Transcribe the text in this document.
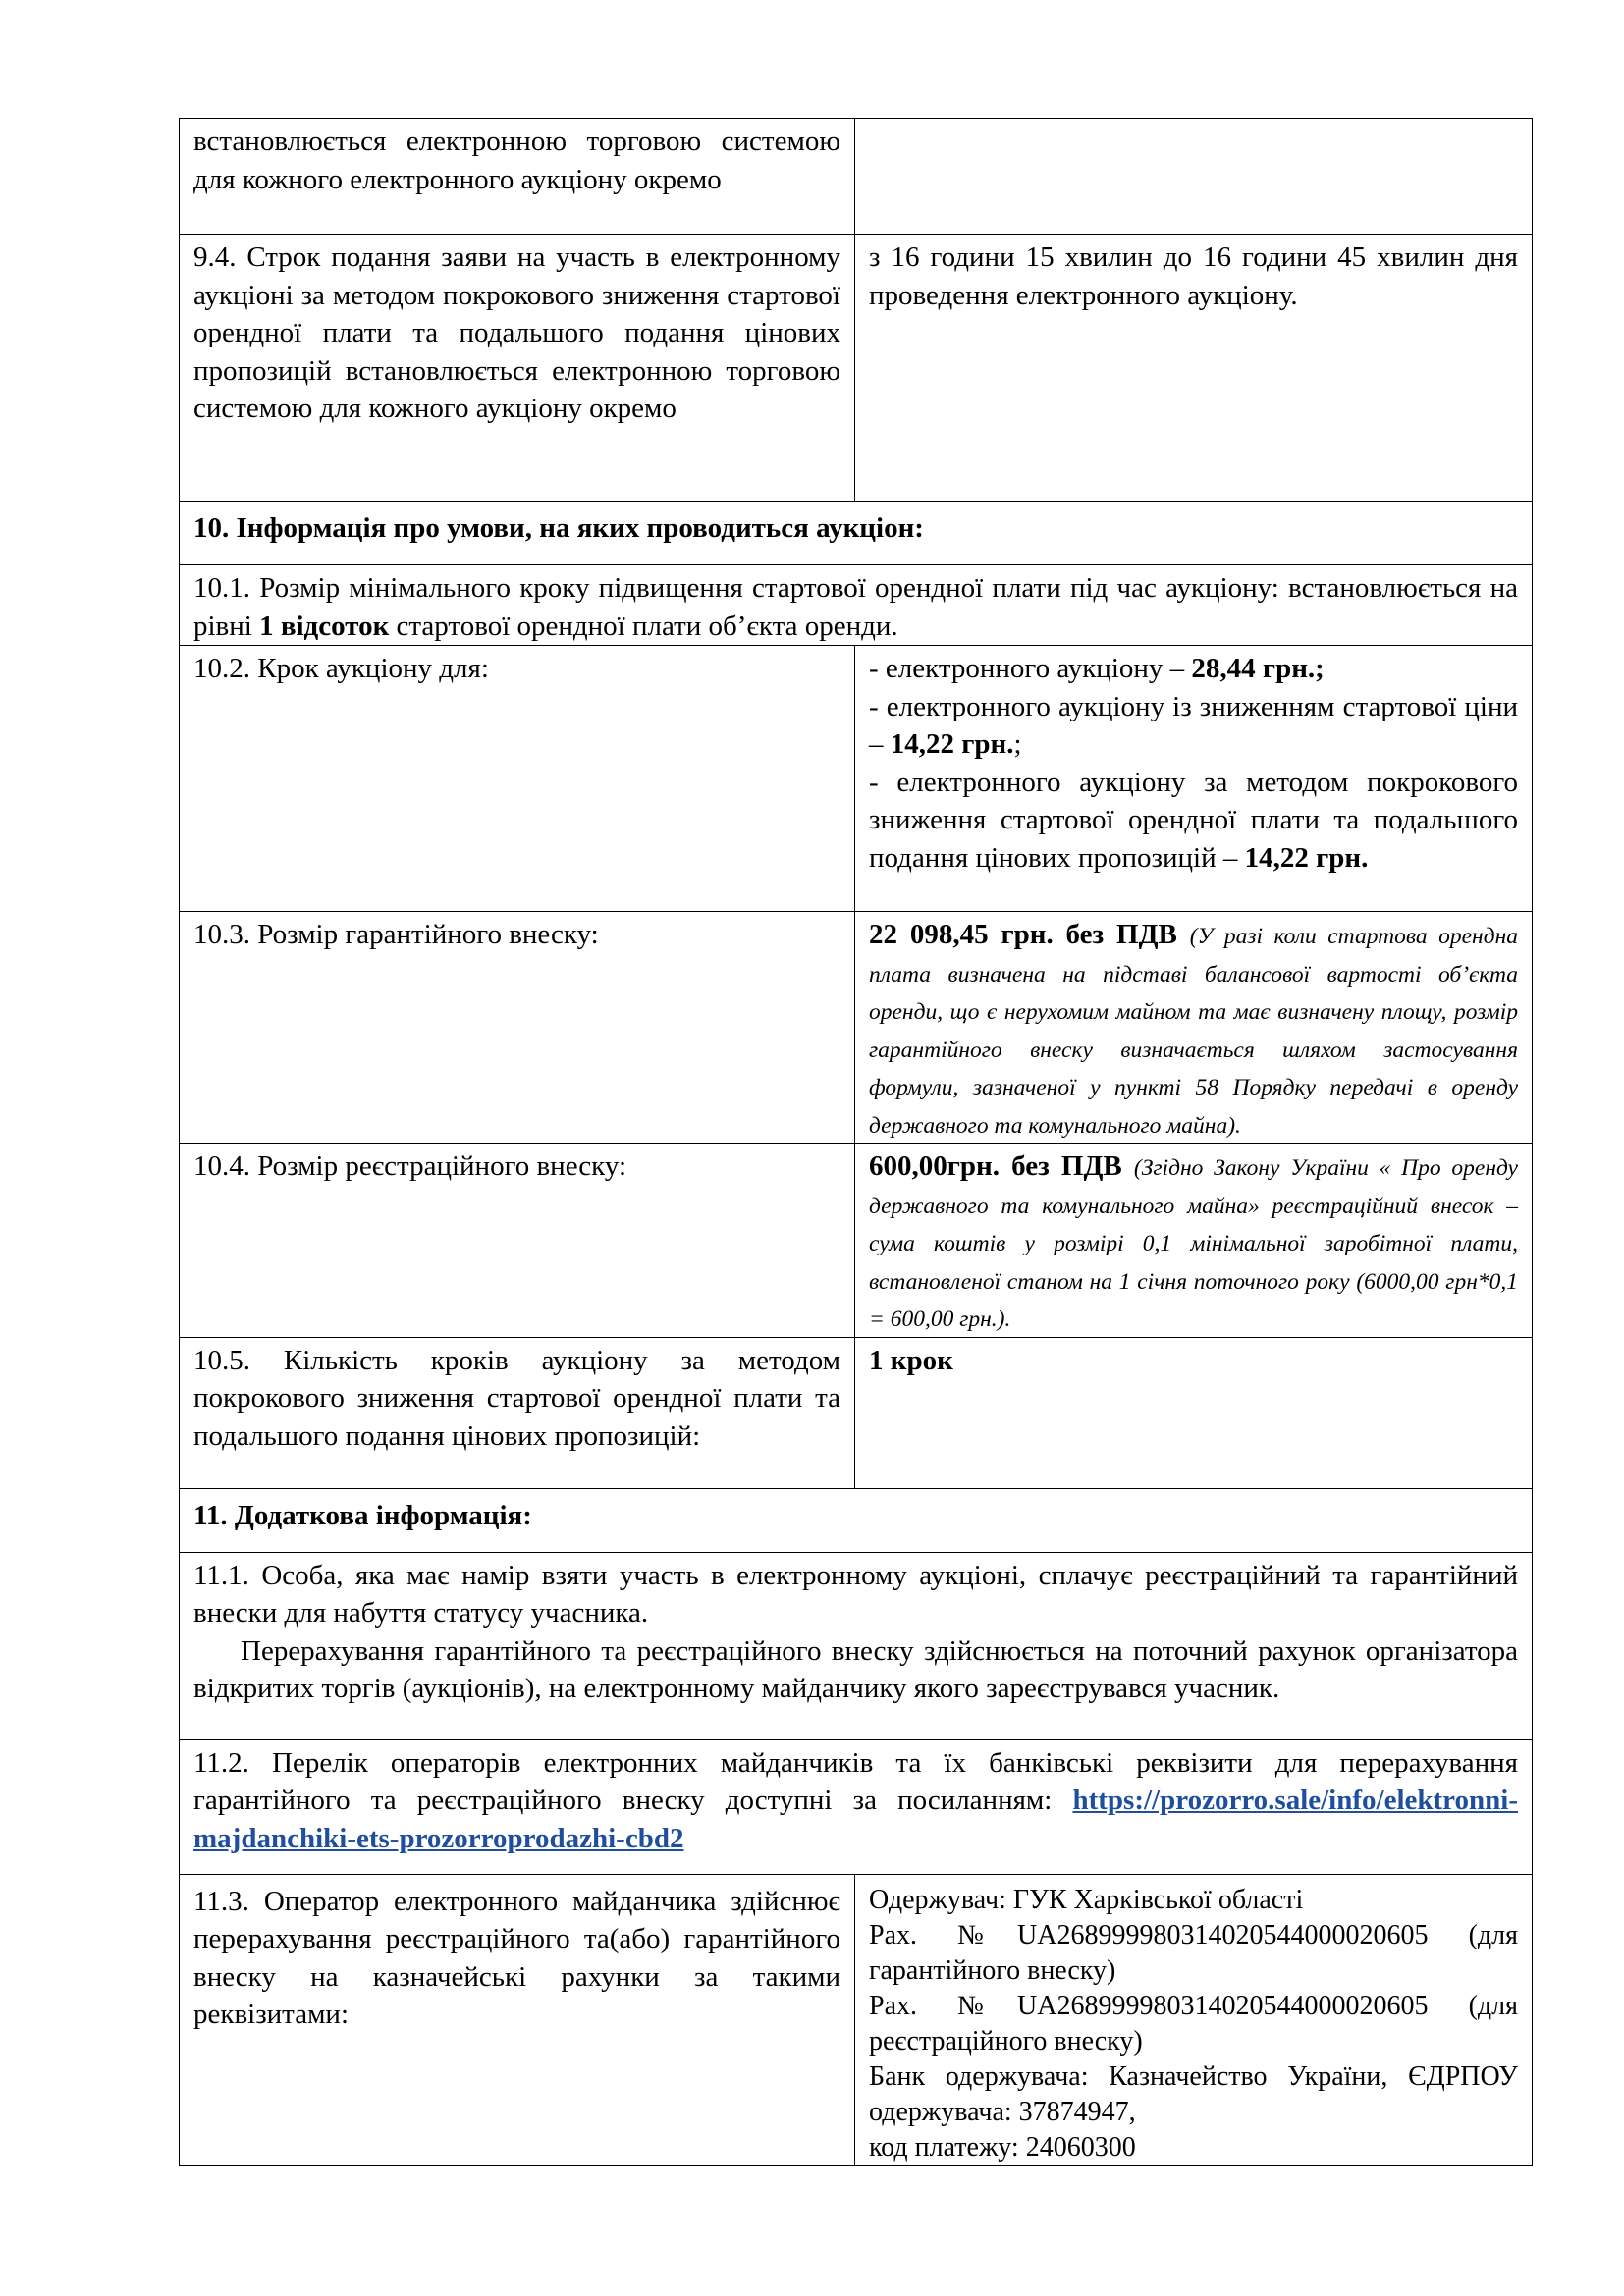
встановлюється електронною торговою системою для кожного електронного аукціону окремо	
9.4. Строк подання заяви на участь в електронному аукціоні за методом покрокового зниження стартової орендної плати та подальшого подання цінових пропозицій встановлюється електронною торговою системою для кожного аукціону окремо	з 16 години 15 хвилин до 16 години 45 хвилин дня проведення електронного аукціону.
10. Інформація про умови, на яких проводиться аукціон:	
10.1. Розмір мінімального кроку підвищення стартової орендної плати під час аукціону: встановлюється на рівні 1 відсоток стартової орендної плати об’єкта оренди.	
10.2. Крок аукціону для:	- електронного аукціону – 28,44 грн.;

- електронного аукціону із зниженням стартової ціни – 14,22 грн.;

- електронного аукціону за методом покрокового зниження стартової орендної плати та подальшого подання цінових пропозицій – 14,22 грн.

10.3. Розмір гарантійного внеску:	22 098,45 грн. без ПДВ (У разі коли стартова орендна плата визначена на підставі балансової вартості об’єкта оренди, що є нерухомим майном та має визначену площу, розмір гарантійного внеску визначається шляхом застосування формули, зазначеної у пункті 58 Порядку передачі в оренду державного та комунального майна).
10.4. Розмір реєстраційного внеску:	600,00грн. без ПДВ (Згідно Закону України « Про оренду державного та комунального майна» реєстраційний внесок – сума коштів у розмірі 0,1 мінімальної заробітної плати, встановленої станом на 1 січня поточного року (6000,00 грн*0,1 = 600,00 грн.).
10.5. Кількість кроків аукціону за методом покрокового зниження стартової орендної плати та подальшого подання цінових пропозицій:	1 крок
11. Додаткова інформація:	

11.1. Особа, яка має намір взяти участь в електронному аукціоні, сплачує реєстраційний та гарантійний внески для набуття статусу учасника.

Перерахування гарантійного та реєстраційного внеску здійснюється на поточний рахунок організатора відкритих торгів (аукціонів), на електронному майданчику якого зареєструвався учасник.	

11.2. Перелік операторів електронних майданчиків та їх банківські реквізити для перерахування гарантійного та реєстраційного внеску доступні за посиланням: https://prozorro.sale/info/elektronni-majdanchiki-ets-prozorroprodazhi-cbd2	
11.3. Оператор електронного майданчика здійснює перерахування реєстраційного та(або) гарантійного внеску на казначейські рахунки за такими реквізитами:	Одержувач: ГУК Харківської області

Рах. №UA268999980314020544000020605 (для гарантійного внеску)

Рах. №UA268999980314020544000020605 (для реєстраційного внеску)

Банк одержувача: Казначейство України, ЄДРПОУ одержувача: 37874947,

код платежу: 24060300
